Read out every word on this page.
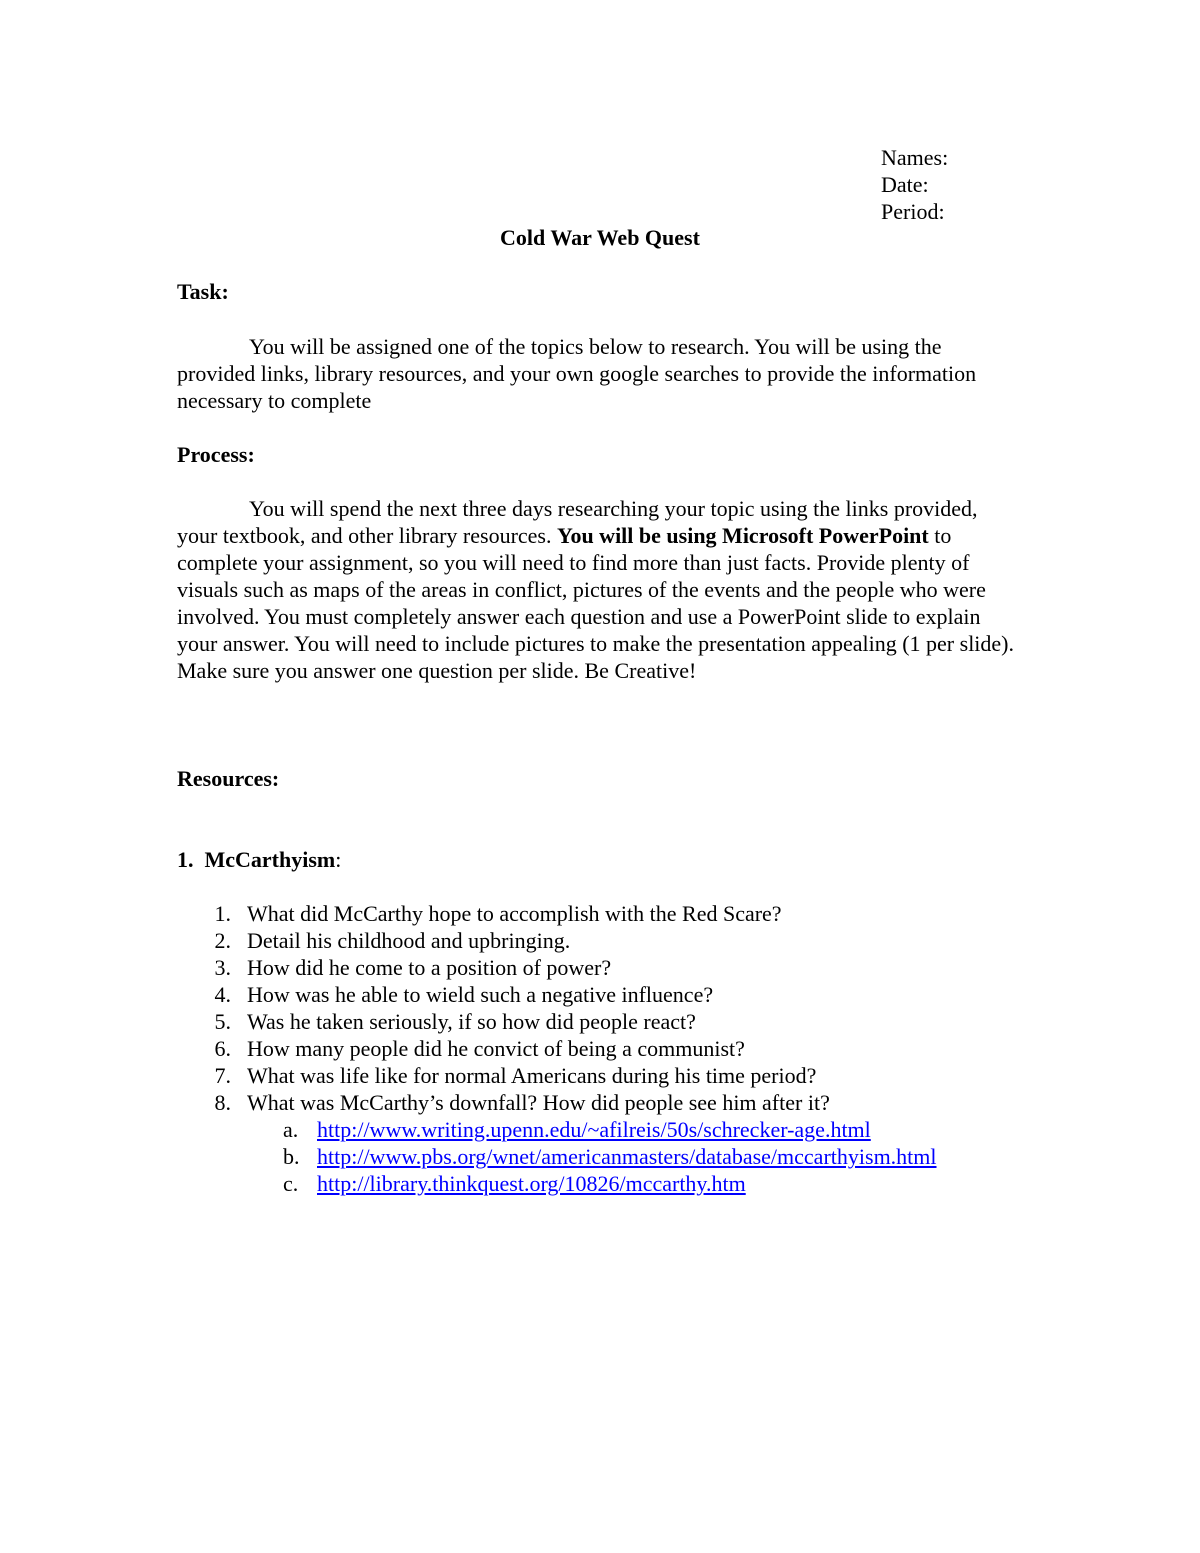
Names:
Date:
Period:
Cold War Web Quest
Task:
You will be assigned one of the topics below to research. You will be using the provided links, library resources, and your own google searches to provide the information necessary to complete
Process:
You will spend the next three days researching your topic using the links provided, your textbook, and other library resources. You will be using Microsoft PowerPoint to complete your assignment, so you will need to find more than just facts. Provide plenty of visuals such as maps of the areas in conflict, pictures of the events and the people who were involved. You must completely answer each question and use a PowerPoint slide to explain your answer. You will need to include pictures to make the presentation appealing (1 per slide). Make sure you answer one question per slide. Be Creative!
Resources:
1. McCarthyism:
1. What did McCarthy hope to accomplish with the Red Scare?
2. Detail his childhood and upbringing.
3. How did he come to a position of power?
4. How was he able to wield such a negative influence?
5. Was he taken seriously, if so how did people react?
6. How many people did he convict of being a communist?
7. What was life like for normal Americans during his time period?
8. What was McCarthy’s downfall? How did people see him after it?
a. http://www.writing.upenn.edu/~afilreis/50s/schrecker-age.html
b. http://www.pbs.org/wnet/americanmasters/database/mccarthyism.html
c. http://library.thinkquest.org/10826/mccarthy.htm
